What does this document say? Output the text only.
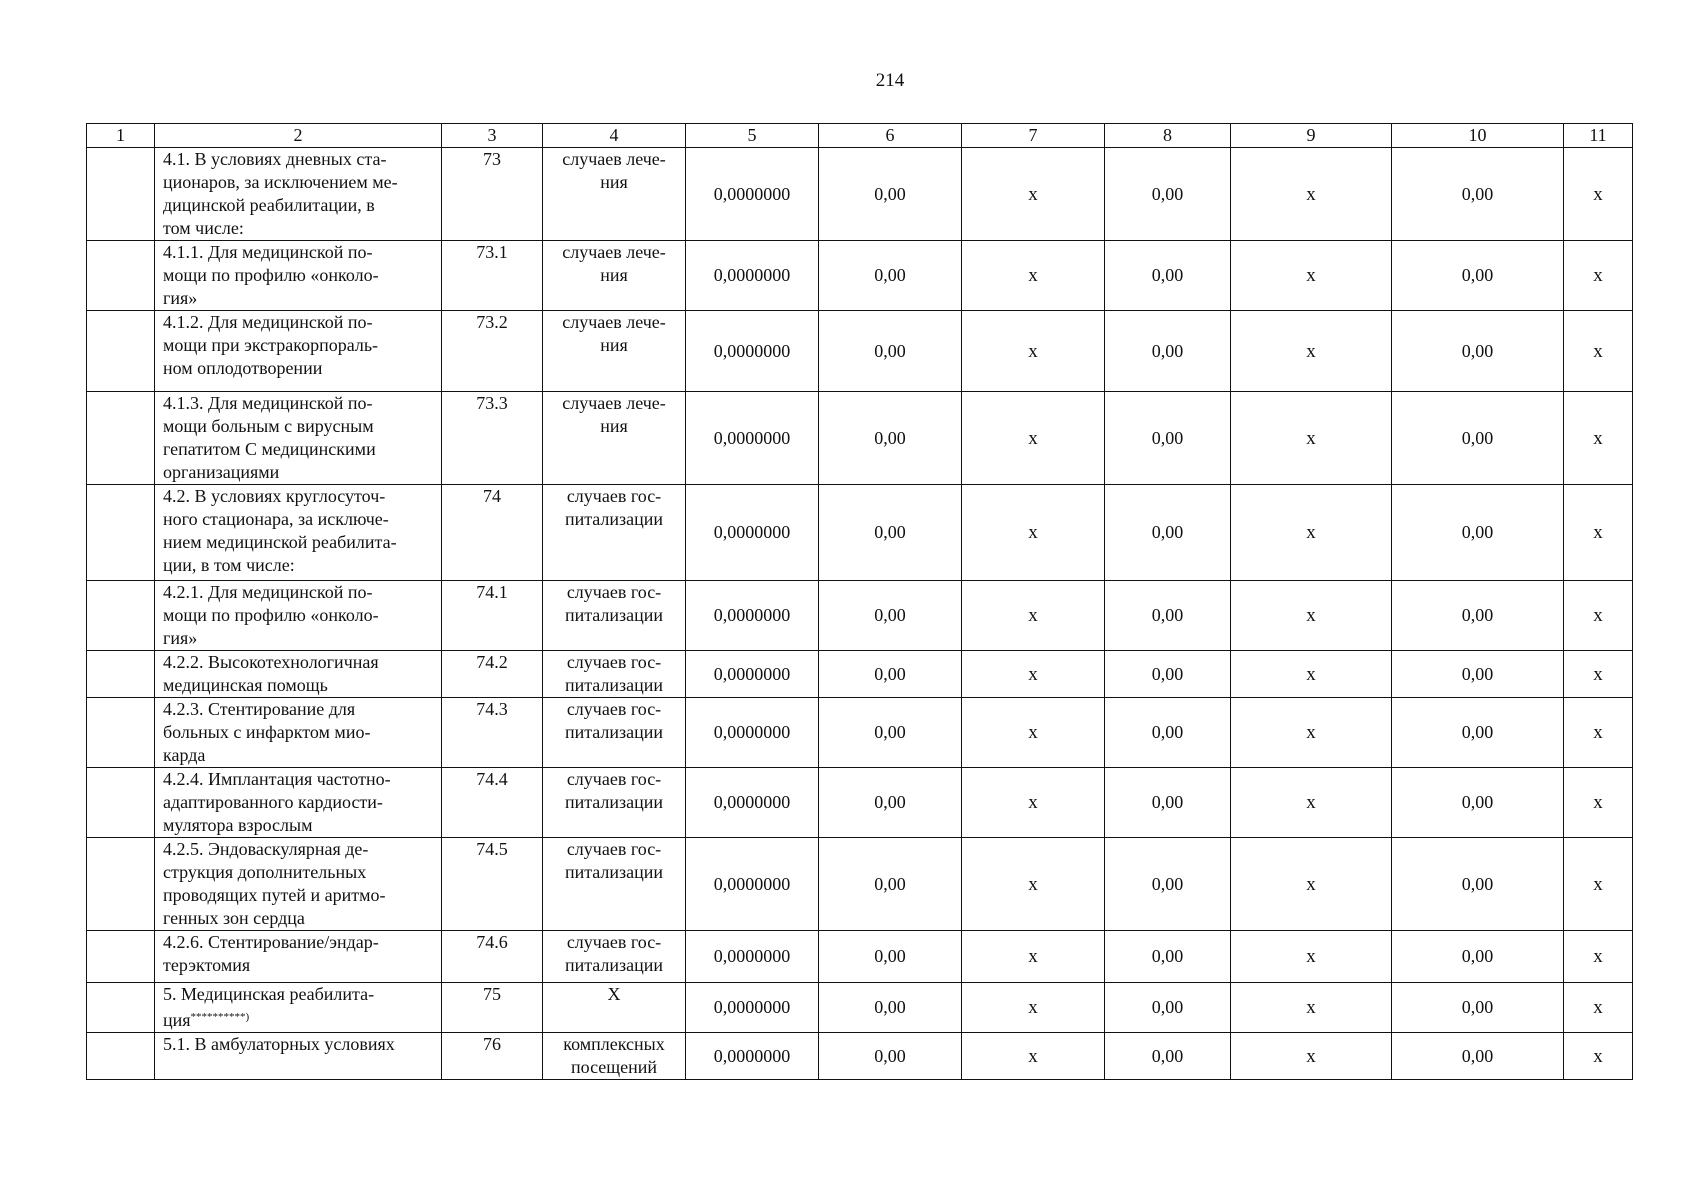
214
1	2	3	4	5	6	7	8	9	10	11
	4.1. В условиях дневных ста-
ционаров, за исключением ме-
дицинской реабилитации, в
том числе:	73	случаев лече-
ния	0,0000000	0,00	х	0,00	х	0,00	х
	4.1.1. Для медицинской по-
мощи по профилю «онколо-
гия»	73.1	случаев лече-
ния	0,0000000	0,00	х	0,00	х	0,00	х
	4.1.2. Для медицинской по-
мощи при экстракорпораль-
ном оплодотворении	73.2	случаев лече-
ния	0,0000000	0,00	х	0,00	х	0,00	х
	4.1.3. Для медицинской по-
мощи больным с вирусным
гепатитом С медицинскими
организациями	73.3	случаев лече-
ния	0,0000000	0,00	х	0,00	х	0,00	х
	4.2. В условиях круглосуточ-
ного стационара, за исключе-
нием медицинской реабилита-
ции, в том числе:	74	случаев гос-
питализации	0,0000000	0,00	х	0,00	х	0,00	х
	4.2.1. Для медицинской по-
мощи по профилю «онколо-
гия»	74.1	случаев гос-
питализации	0,0000000	0,00	х	0,00	х	0,00	х
	4.2.2. Высокотехнологичная
медицинская помощь	74.2	случаев гос-
питализации	0,0000000	0,00	х	0,00	х	0,00	х
	4.2.3. Стентирование для
больных с инфарктом мио-
карда	74.3	случаев гос-
питализации	0,0000000	0,00	х	0,00	х	0,00	х
	4.2.4. Имплантация частотно-
адаптированного кардиости-
мулятора взрослым	74.4	случаев гос-
питализации	0,0000000	0,00	х	0,00	х	0,00	х
	4.2.5. Эндоваскулярная де-
струкция дополнительных
проводящих путей и аритмо-
генных зон сердца	74.5	случаев гос-
питализации	0,0000000	0,00	х	0,00	х	0,00	х
	4.2.6. Стентирование/эндар-
терэктомия	74.6	случаев гос-
питализации	0,0000000	0,00	х	0,00	х	0,00	х
	5. Медицинская реабилита-
ция**********)	75	Х	0,0000000	0,00	х	0,00	х	0,00	х
	5.1. В амбулаторных условиях	76	комплексных
посещений	0,0000000	0,00	х	0,00	х	0,00	х
